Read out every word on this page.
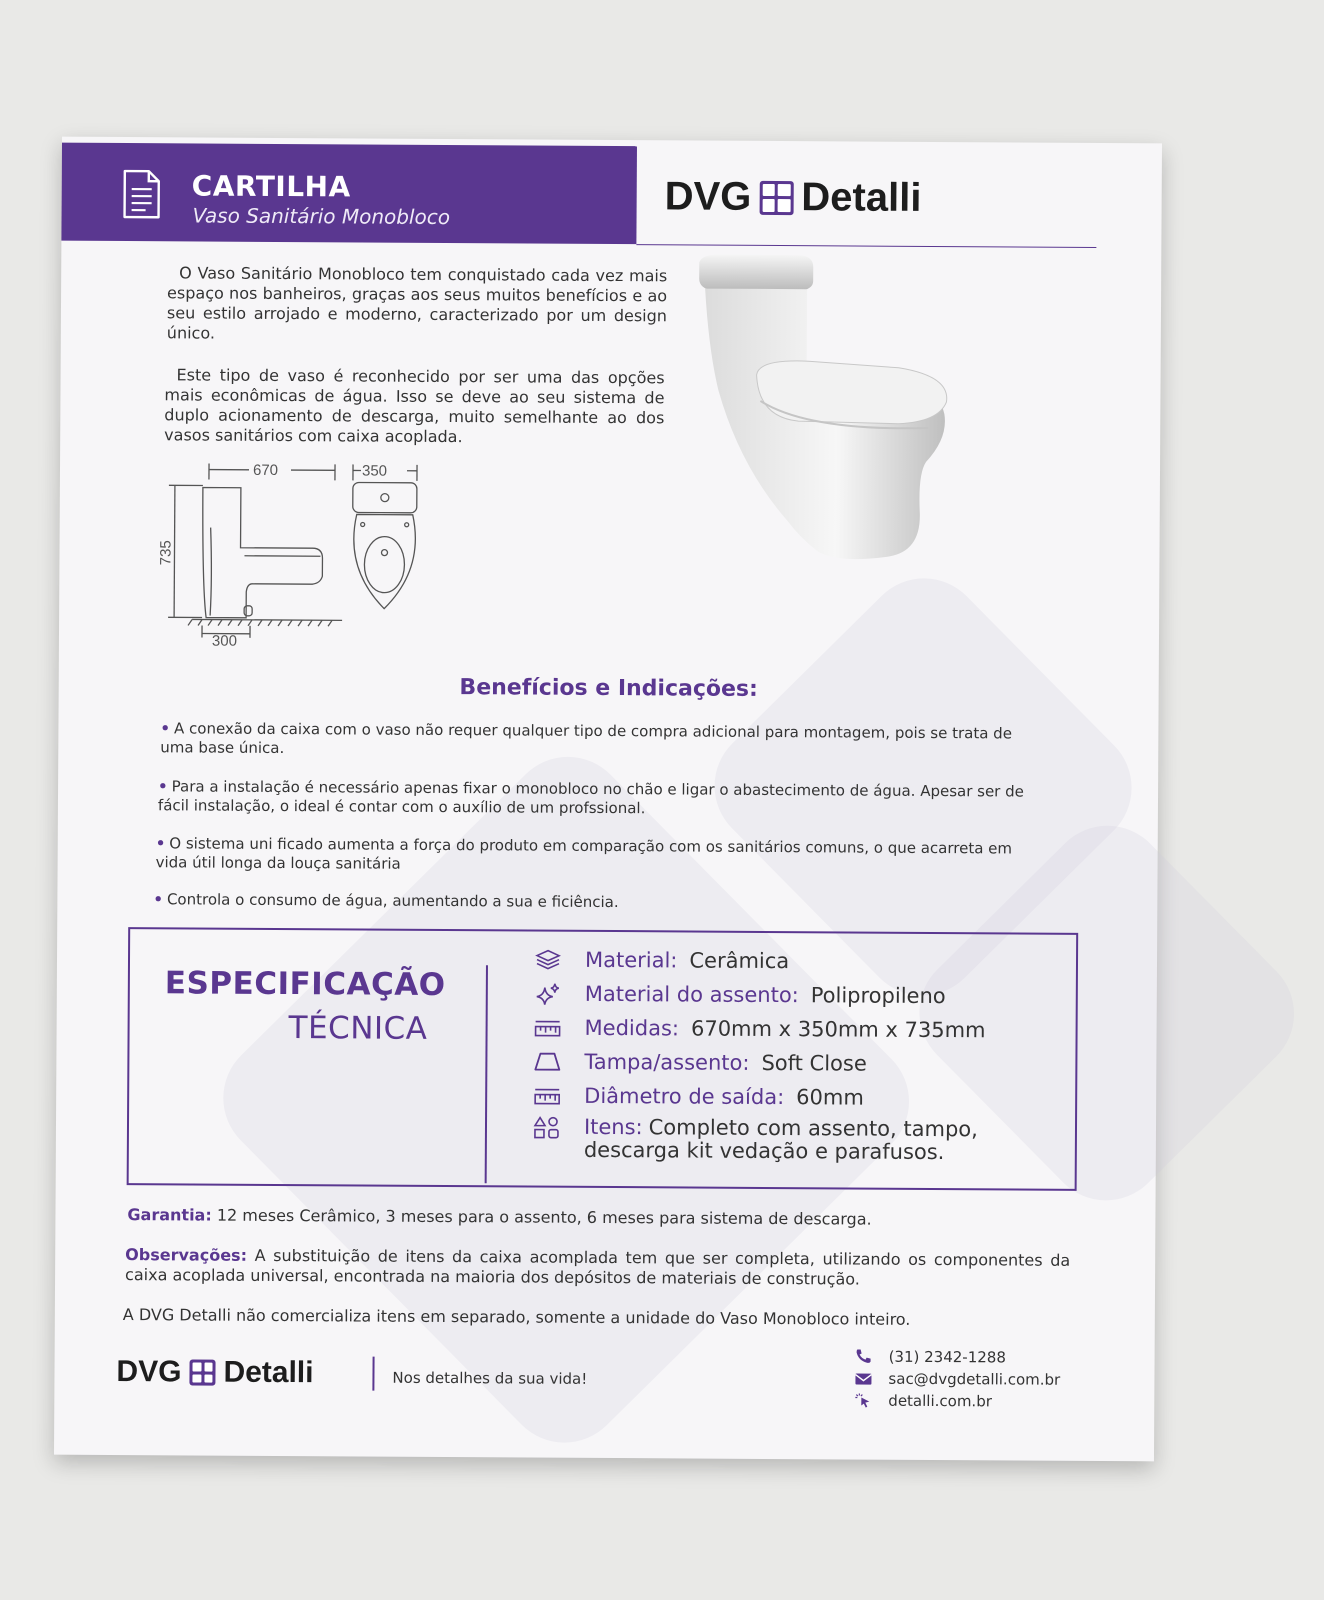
CARTILHA
Vaso Sanitário Monobloco	DVG Detalli
O Vaso Sanitário Monobloco tem conquistado cada vez mais espaço nos banheiros, graças aos seus muitos benefícios e ao seu estilo arrojado e moderno, caracterizado por um design único.
Este tipo de vaso é reconhecido por ser uma das opções mais econômicas de água. Isso se deve ao seu sistema de duplo acionamento de descarga, muito semelhante ao dos vasos sanitários com caixa acoplada.
670	350
300
735
Benefícios e Indicações:
• A conexão da caixa com o vaso não requer qualquer tipo de compra adicional para montagem, pois se trata de uma base única.
• Para a instalação é necessário apenas fixar o monobloco no chão e ligar o abastecimento de água. Apesar ser de fácil instalação, o ideal é contar com o auxílio de um profssional.
• O sistema uni ficado aumenta a força do produto em comparação com os sanitários comuns, o que acarreta em vida útil longa da louça sanitária
• Controla o consumo de água, aumentando a sua e ficiência.
ESPECIFICAÇÃO
TÉCNICA
Material: Cerâmica
Material do assento: Polipropileno
Medidas: 670mm x 350mm x 735mm
Tampa/assento: Soft Close
Diâmetro de saída: 60mm
Itens: Completo com assento, tampo,
descarga kit vedação e parafusos.
Garantia: 12 meses Cerâmico, 3 meses para o assento, 6 meses para sistema de descarga.
Observações: A substituição de itens da caixa acomplada tem que ser completa, utilizando os componentes da caixa acoplada universal, encontrada na maioria dos depósitos de materiais de construção.
A DVG Detalli não comercializa itens em separado, somente a unidade do Vaso Monobloco inteiro.
DVG Detalli	Nos detalhes da sua vida!
(31) 2342-1288
sac@dvgdetalli.com.br
detalli.com.br
